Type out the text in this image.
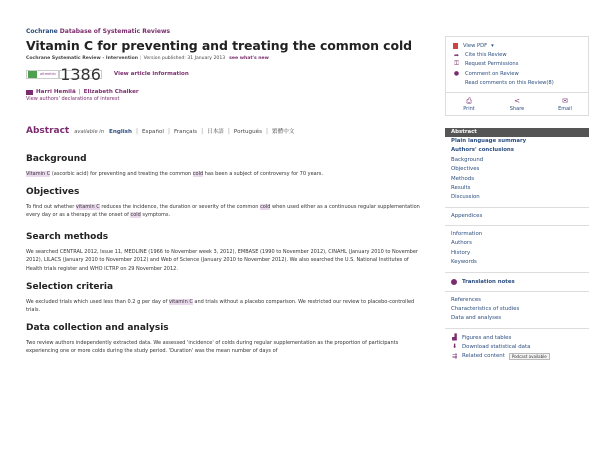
Cochrane Database of Systematic Reviews
Vitamin C for preventing and treating the common cold
Cochrane Systematic Review - Intervention | Version published: 31 January 2013 see what's new
altmetric 1386 View article information
Harri Hemilä | Elizabeth Chalker
View authors' declarations of interest
Abstract available in English | Español | Français | 日本語 | Português | 繁體中文
Background

Vitamin C (ascorbic acid) for preventing and treating the common cold has been a subject of controversy for 70 years.

Objectives

To find out whether vitamin C reduces the incidence, the duration or severity of the common cold when used either as a continuous regular supplementation every day or as a therapy at the onset of cold symptoms.

Search methods

We searched CENTRAL 2012, Issue 11, MEDLINE (1966 to November week 3, 2012), EMBASE (1990 to November 2012), CINAHL (January 2010 to November 2012), LILACS (January 2010 to November 2012) and Web of Science (January 2010 to November 2012). We also searched the U.S. National Institutes of Health trials register and WHO ICTRP on 29 November 2012.

Selection criteria

We excluded trials which used less than 0.2 g per day of vitamin C and trials without a placebo comparison. We restricted our review to placebo-controlled trials.

Data collection and analysis

Two review authors independently extracted data. We assessed 'incidence' of colds during regular supplementation as the proportion of participants experiencing one or more colds during the study period. 'Duration' was the mean number of days of

View PDF ▾
➦ Cite this Review
⚿ Request Permissions
● Comment on Review
Read comments on this Review(8)
⎙
Print
<
Share
✉
Email
Abstract
Plain language summary
Authors' conclusions
Background
Objectives
Methods
Results
Discussion
Appendices
Information
Authors
History
Keywords
Translation notes
References
Characteristics of studies
Data and analyses
▟ Figures and tables
⬇ Download statistical data
⇶ Related content	Podcast available
